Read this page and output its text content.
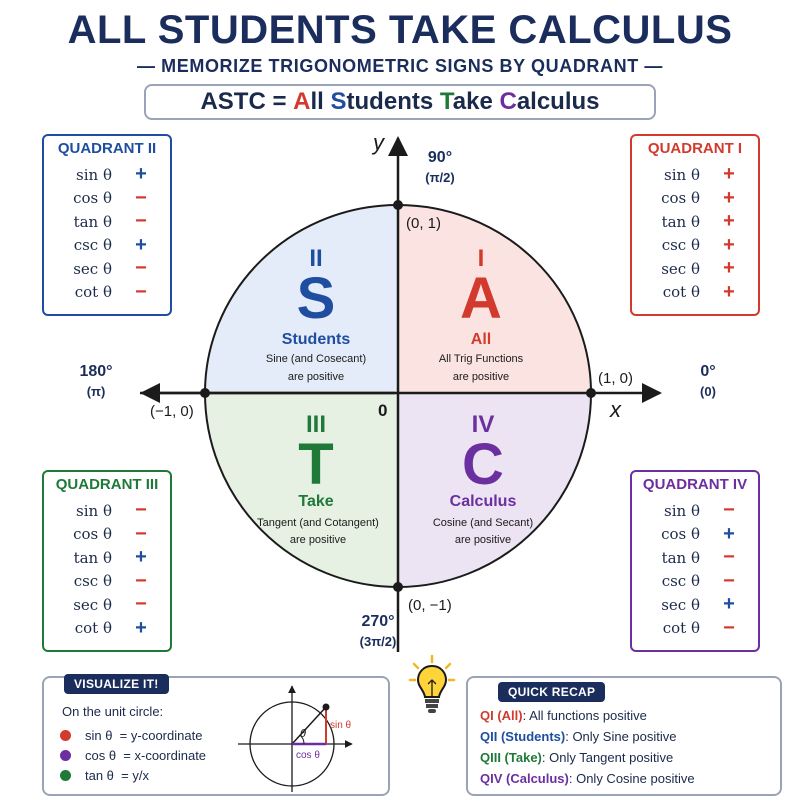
ALL STUDENTS TAKE CALCULUS
— MEMORIZE TRIGONOMETRIC SIGNS BY QUADRANT —
ASTC = All Students Take Calculus
QUADRANT II
sin θ	+
cos θ	−
tan θ	−
csc θ	+
sec θ	−
cot θ	−
QUADRANT I
sin θ	+
cos θ	+
tan θ	+
csc θ	+
sec θ	+
cot θ	+
QUADRANT III
sin θ	−
cos θ	−
tan θ	+
csc θ	−
sec θ	−
cot θ	+
QUADRANT IV
sin θ	−
cos θ	+
tan θ	−
csc θ	−
sec θ	+
cot θ	−
y
x
0
90°
(π/2)
0°
(0)
180°
(π)
270°
(3π/2)
(0, 1)
(1, 0)
(−1, 0)
(0, −1)
I
A
All
All Trig Functions
are positive
II
S
Students
Sine (and Cosecant)
are positive
III
T
Take
Tangent (and Cotangent)
are positive
IV
C
Calculus
Cosine (and Secant)
are positive
VISUALIZE IT!
On the unit circle:
sin θ  = y-coordinate
cos θ  = x-coordinate
tan θ  = y/x
θ
sin θ
cos θ
QUICK RECAP
QI (All): All functions positive
QII (Students): Only Sine positive
QIII (Take): Only Tangent positive
QIV (Calculus): Only Cosine positive
